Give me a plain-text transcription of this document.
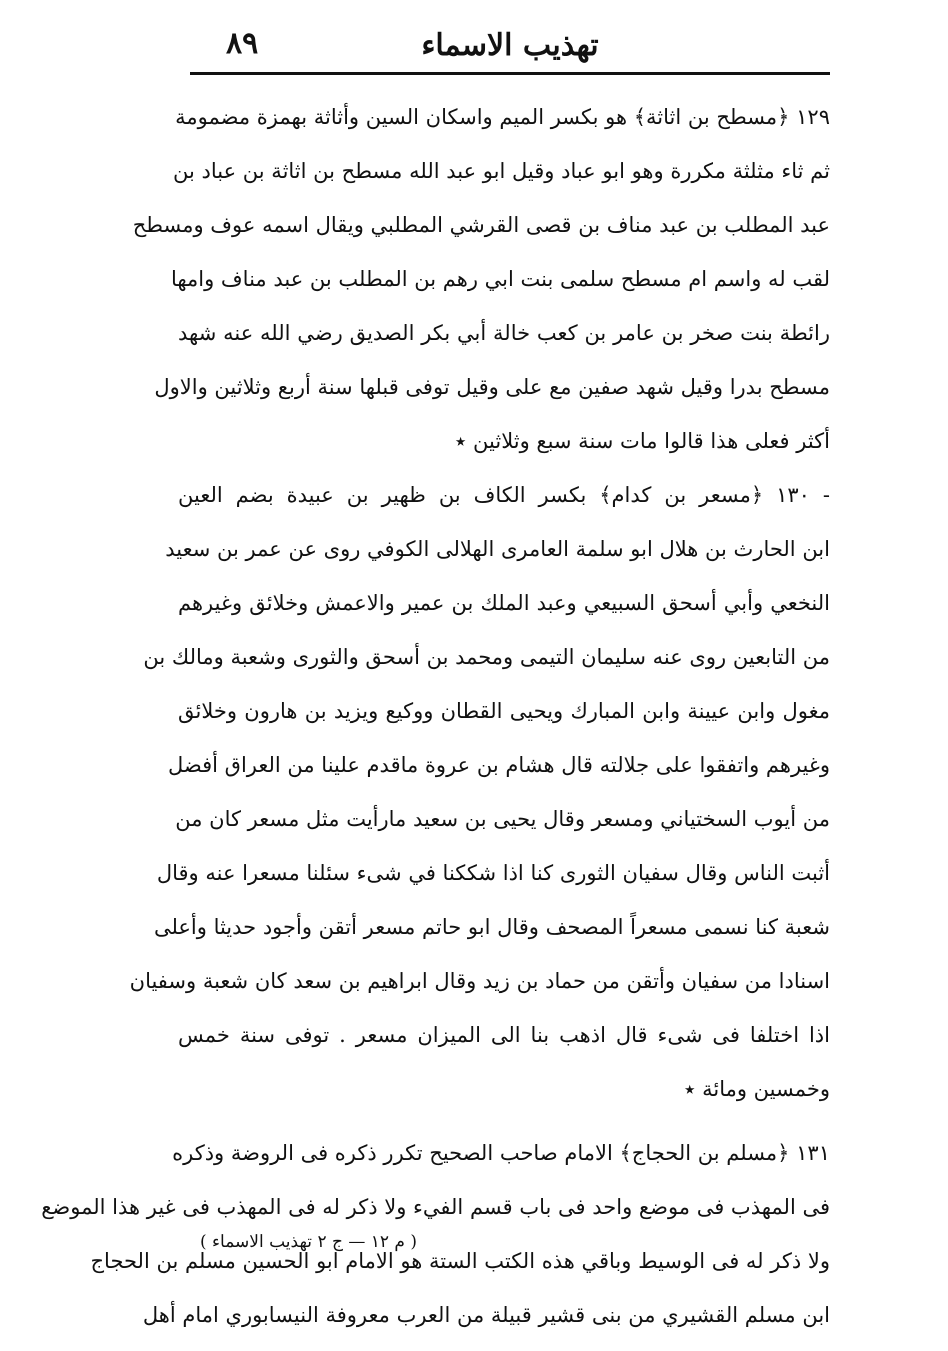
تهذيب الاسماء
٨٩
١٢٩ ﴿مسطح بن اثاثة﴾ هو بكسر الميم واسكان السين وأثاثة بهمزة مضمومة
ثم ثاء مثلثة مكررة وهو ابو عباد وقيل ابو عبد الله مسطح بن اثاثة بن عباد بن
عبد المطلب بن عبد مناف بن قصى القرشي المطلبي ويقال اسمه عوف ومسطح
لقب له واسم ام مسطح سلمى بنت ابي رهم بن المطلب بن عبد مناف وامها
رائطة بنت صخر بن عامر بن كعب خالة أبي بكر الصديق رضي الله عنه شهد
مسطح بدرا وقيل شهد صفين مع على وقيل توفى قبلها سنة أربع وثلاثين والاول
أكثر فعلى هذا قالوا مات سنة سبع وثلاثين ٭
- ١٣٠ ﴿مسعر بن كدام﴾ بكسر الكاف بن ظهير بن عبيدة بضم العين
ابن الحارث بن هلال ابو سلمة العامرى الهلالى الكوفي روى عن عمر بن سعيد
النخعي وأبي أسحق السبيعي وعبد الملك بن عمير والاعمش وخلائق وغيرهم
من التابعين روى عنه سليمان التيمى ومحمد بن أسحق والثورى وشعبة ومالك بن
مغول وابن عيينة وابن المبارك ويحيى القطان ووكيع ويزيد بن هارون وخلائق
وغيرهم واتفقوا على جلالته قال هشام بن عروة ماقدم علينا من العراق أفضل
من أيوب السختياني ومسعر وقال يحيى بن سعيد مارأيت مثل مسعر كان من
أثبت الناس وقال سفيان الثورى كنا اذا شككنا في شىء سئلنا مسعرا عنه وقال
شعبة كنا نسمى مسعراً المصحف وقال ابو حاتم مسعر أتقن وأجود حديثا وأعلى
اسنادا من سفيان وأتقن من حماد بن زيد وقال ابراهيم بن سعد كان شعبة وسفيان
اذا اختلفا فى شىء قال اذهب بنا الى الميزان مسعر . توفى سنة خمس
وخمسين ومائة ٭
١٣١ ﴿مسلم بن الحجاج﴾ الامام صاحب الصحيح تكرر ذكره فى الروضة وذكره
فى المهذب فى موضع واحد فى باب قسم الفيء ولا ذكر له فى المهذب فى غير هذا الموضع
ولا ذكر له فى الوسيط وباقي هذه الكتب الستة هو الامام ابو الحسين مسلم بن الحجاج
ابن مسلم القشيري من بنى قشير قبيلة من العرب معروفة النيسابوري امام أهل
( م ١٢ — ج ٢ تهذيب الاسماء )
